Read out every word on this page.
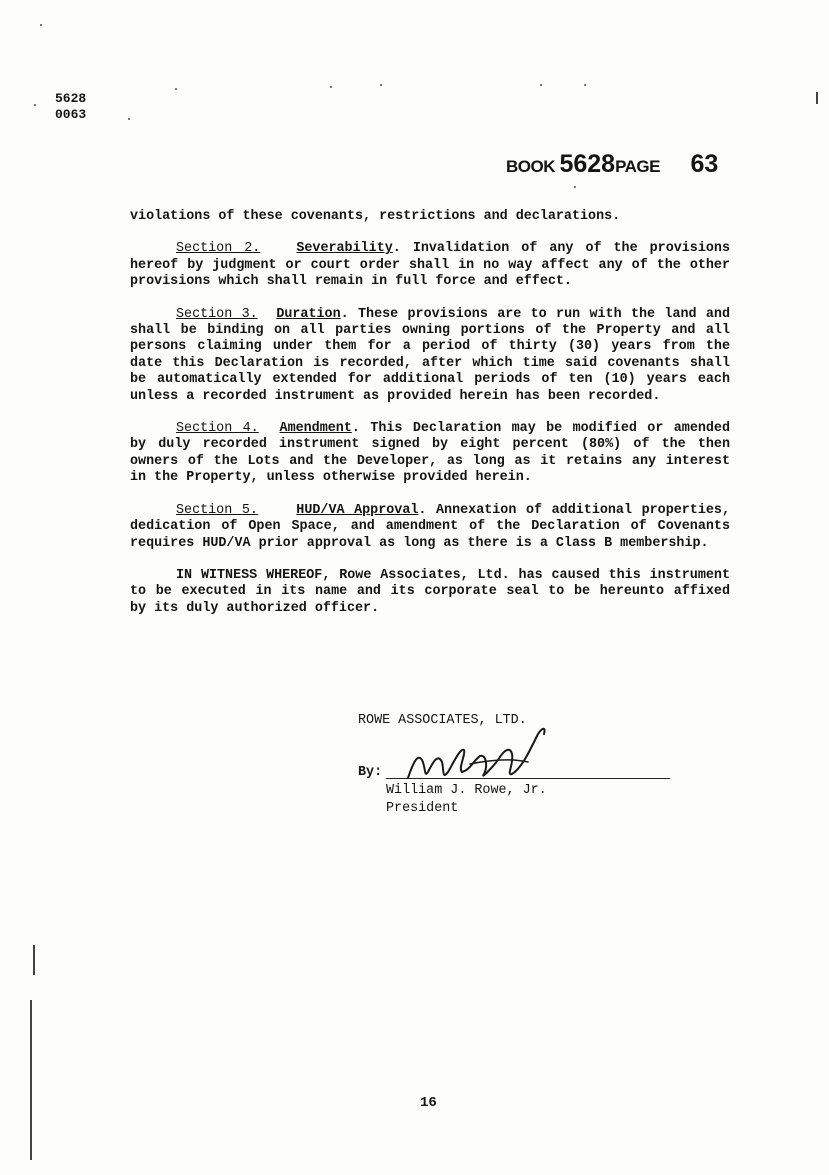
5628
0063
BOOK 5628PAGE 63

violations of these covenants, restrictions and declarations.

Section 2.	Severability. Invalidation of any of the provisions hereof by judgment or court order shall in no way affect any of the other provisions which shall remain in full force and effect.

Section 3. Duration. These provisions are to run with the land and shall be binding on all parties owning portions of the Property and all persons claiming under them for a period of thirty (30) years from the date this Declaration is recorded, after which time said covenants shall be automatically extended for additional periods of ten (10) years each unless a recorded instrument as provided herein has been recorded.

Section 4. Amendment. This Declaration may be modified or amended by duly recorded instrument signed by eight percent (80%) of the then owners of the Lots and the Developer, as long as it retains any interest in the Property, unless otherwise provided herein.

Section 5.	HUD/VA Approval. Annexation of additional properties, dedication of Open Space, and amendment of the Declaration of Covenants requires HUD/VA prior approval as long as there is a Class B membership.

IN WITNESS WHEREOF, Rowe Associates, Ltd. has caused this instrument to be executed in its name and its corporate seal to be hereunto affixed by its duly authorized officer.

ROWE ASSOCIATES, LTD.
By:
William J. Rowe, Jr.
President
16
